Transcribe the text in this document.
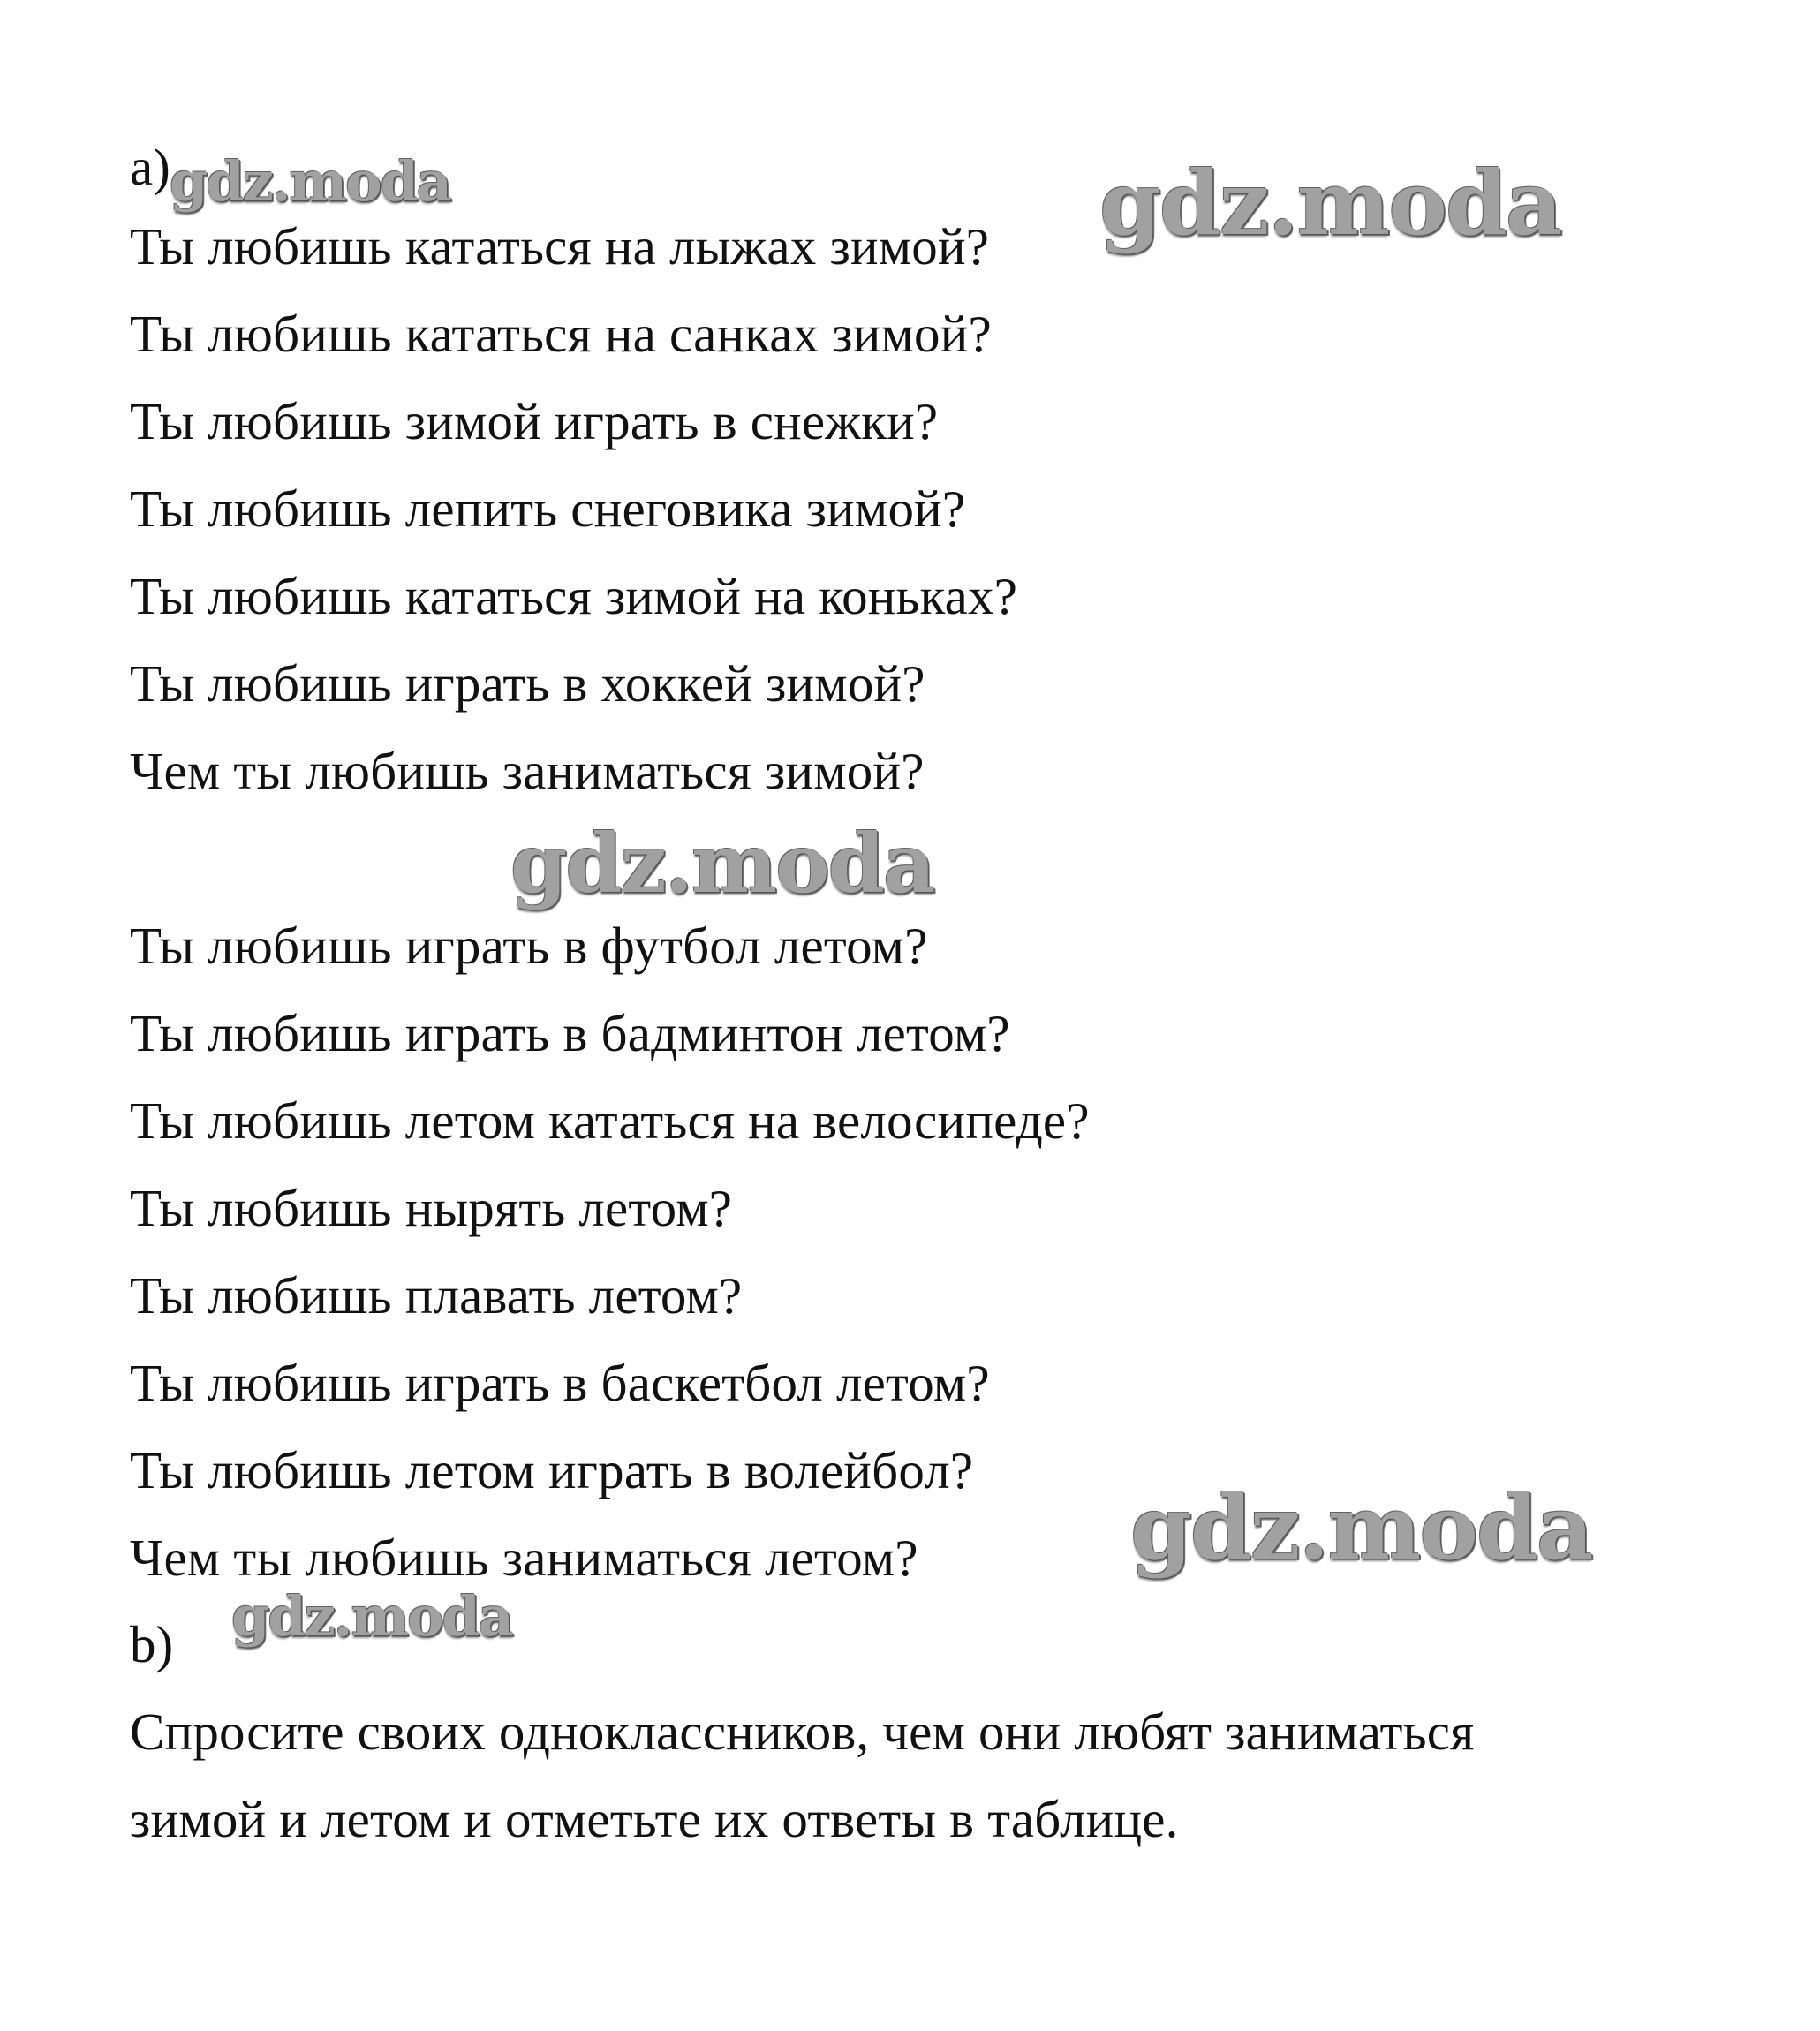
a)
Ты любишь кататься на лыжах зимой?
Ты любишь кататься на санках зимой?
Ты любишь зимой играть в снежки?
Ты любишь лепить снеговика зимой?
Ты любишь кататься зимой на коньках?
Ты любишь играть в хоккей зимой?
Чем ты любишь заниматься зимой?
Ты любишь играть в футбол летом?
Ты любишь играть в бадминтон летом?
Ты любишь летом кататься на велосипеде?
Ты любишь нырять летом?
Ты любишь плавать летом?
Ты любишь играть в баскетбол летом?
Ты любишь летом играть в волейбол?
Чем ты любишь заниматься летом?
b)
Спросите своих одноклассников, чем они любят заниматься
зимой и летом и отметьте их ответы в таблице.
gdz.moda	gdz.moda
gdz.moda
gdz.moda
gdz.moda
